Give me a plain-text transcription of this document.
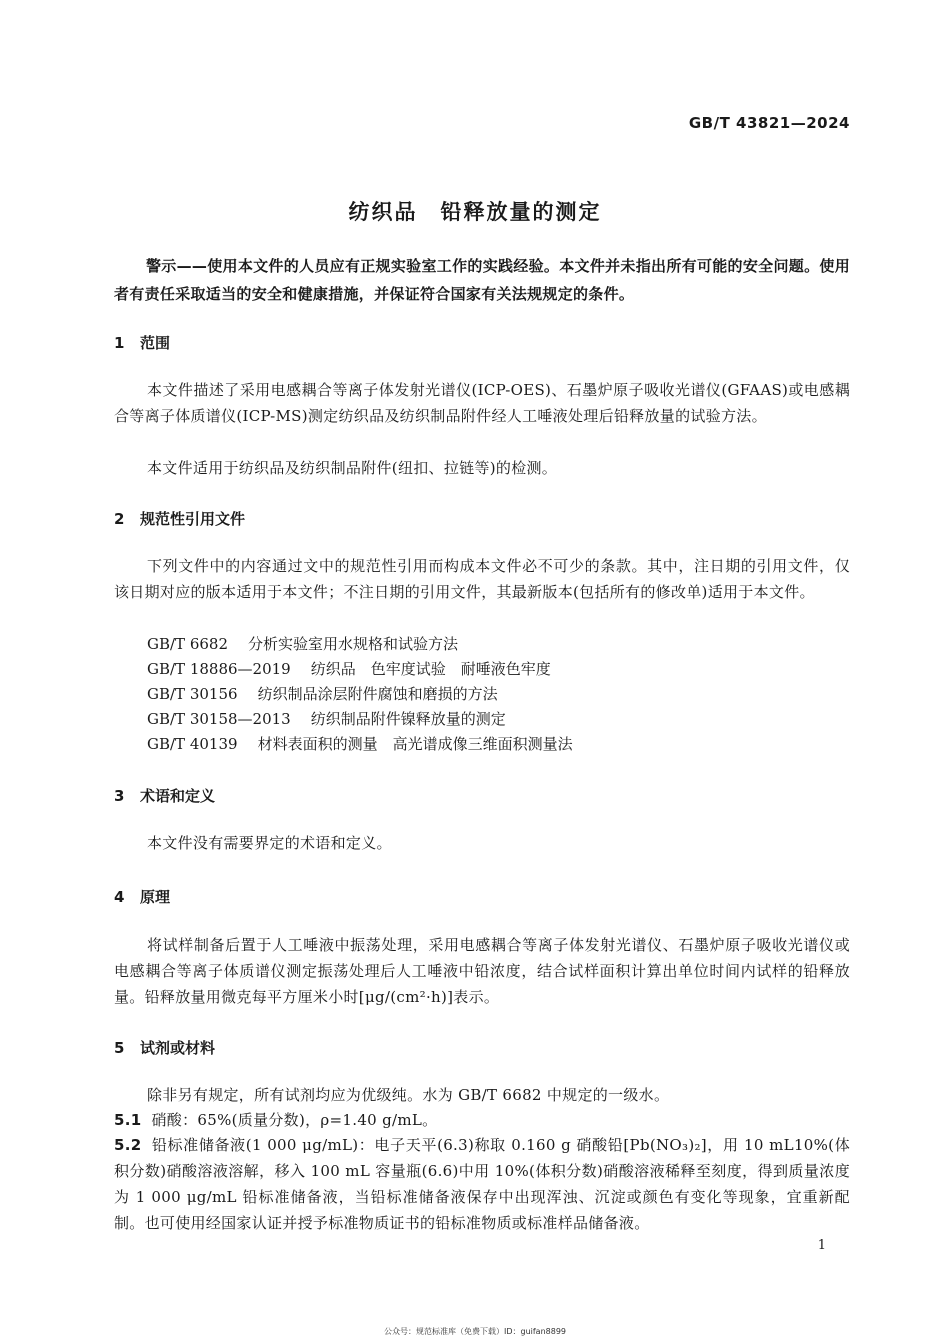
GB/T 43821—2024
纺织品　铅释放量的测定
警示——使用本文件的人员应有正规实验室工作的实践经验。本文件并未指出所有可能的安全问题。使用者有责任采取适当的安全和健康措施，并保证符合国家有关法规规定的条件。
1 范围

本文件描述了采用电感耦合等离子体发射光谱仪(ICP-OES)、石墨炉原子吸收光谱仪(GFAAS)或电感耦合等离子体质谱仪(ICP-MS)测定纺织品及纺织制品附件经人工唾液处理后铅释放量的试验方法。

本文件适用于纺织品及纺织制品附件(纽扣、拉链等)的检测。

2 规范性引用文件

下列文件中的内容通过文中的规范性引用而构成本文件必不可少的条款。其中，注日期的引用文件，仅该日期对应的版本适用于本文件；不注日期的引用文件，其最新版本(包括所有的修改单)适用于本文件。

GB/T 6682 分析实验室用水规格和试验方法
GB/T 18886—2019 纺织品　色牢度试验　耐唾液色牢度
GB/T 30156 纺织制品涂层附件腐蚀和磨损的方法
GB/T 30158—2013 纺织制品附件镍释放量的测定
GB/T 40139 材料表面积的测量　高光谱成像三维面积测量法
3 术语和定义

本文件没有需要界定的术语和定义。

4 原理

将试样制备后置于人工唾液中振荡处理，采用电感耦合等离子体发射光谱仪、石墨炉原子吸收光谱仪或电感耦合等离子体质谱仪测定振荡处理后人工唾液中铅浓度，结合试样面积计算出单位时间内试样的铅释放量。铅释放量用微克每平方厘米小时[μg/(cm²·h)]表示。

5 试剂或材料

除非另有规定，所有试剂均应为优级纯。水为 GB/T 6682 中规定的一级水。

5.1 硝酸：65%(质量分数)，ρ=1.40 g/mL。
5.2 铅标准储备液(1 000 μg/mL)：电子天平(6.3)称取 0.160 g 硝酸铅[Pb(NO₃)₂]，用 10 mL10%(体积分数)硝酸溶液溶解，移入 100 mL 容量瓶(6.6)中用 10%(体积分数)硝酸溶液稀释至刻度，得到质量浓度为 1 000 μg/mL 铅标准储备液，当铅标准储备液保存中出现浑浊、沉淀或颜色有变化等现象，宜重新配制。也可使用经国家认证并授予标准物质证书的铅标准物质或标准样品储备液。
1
公众号：规范标准库（免费下载）ID：guifan8899
